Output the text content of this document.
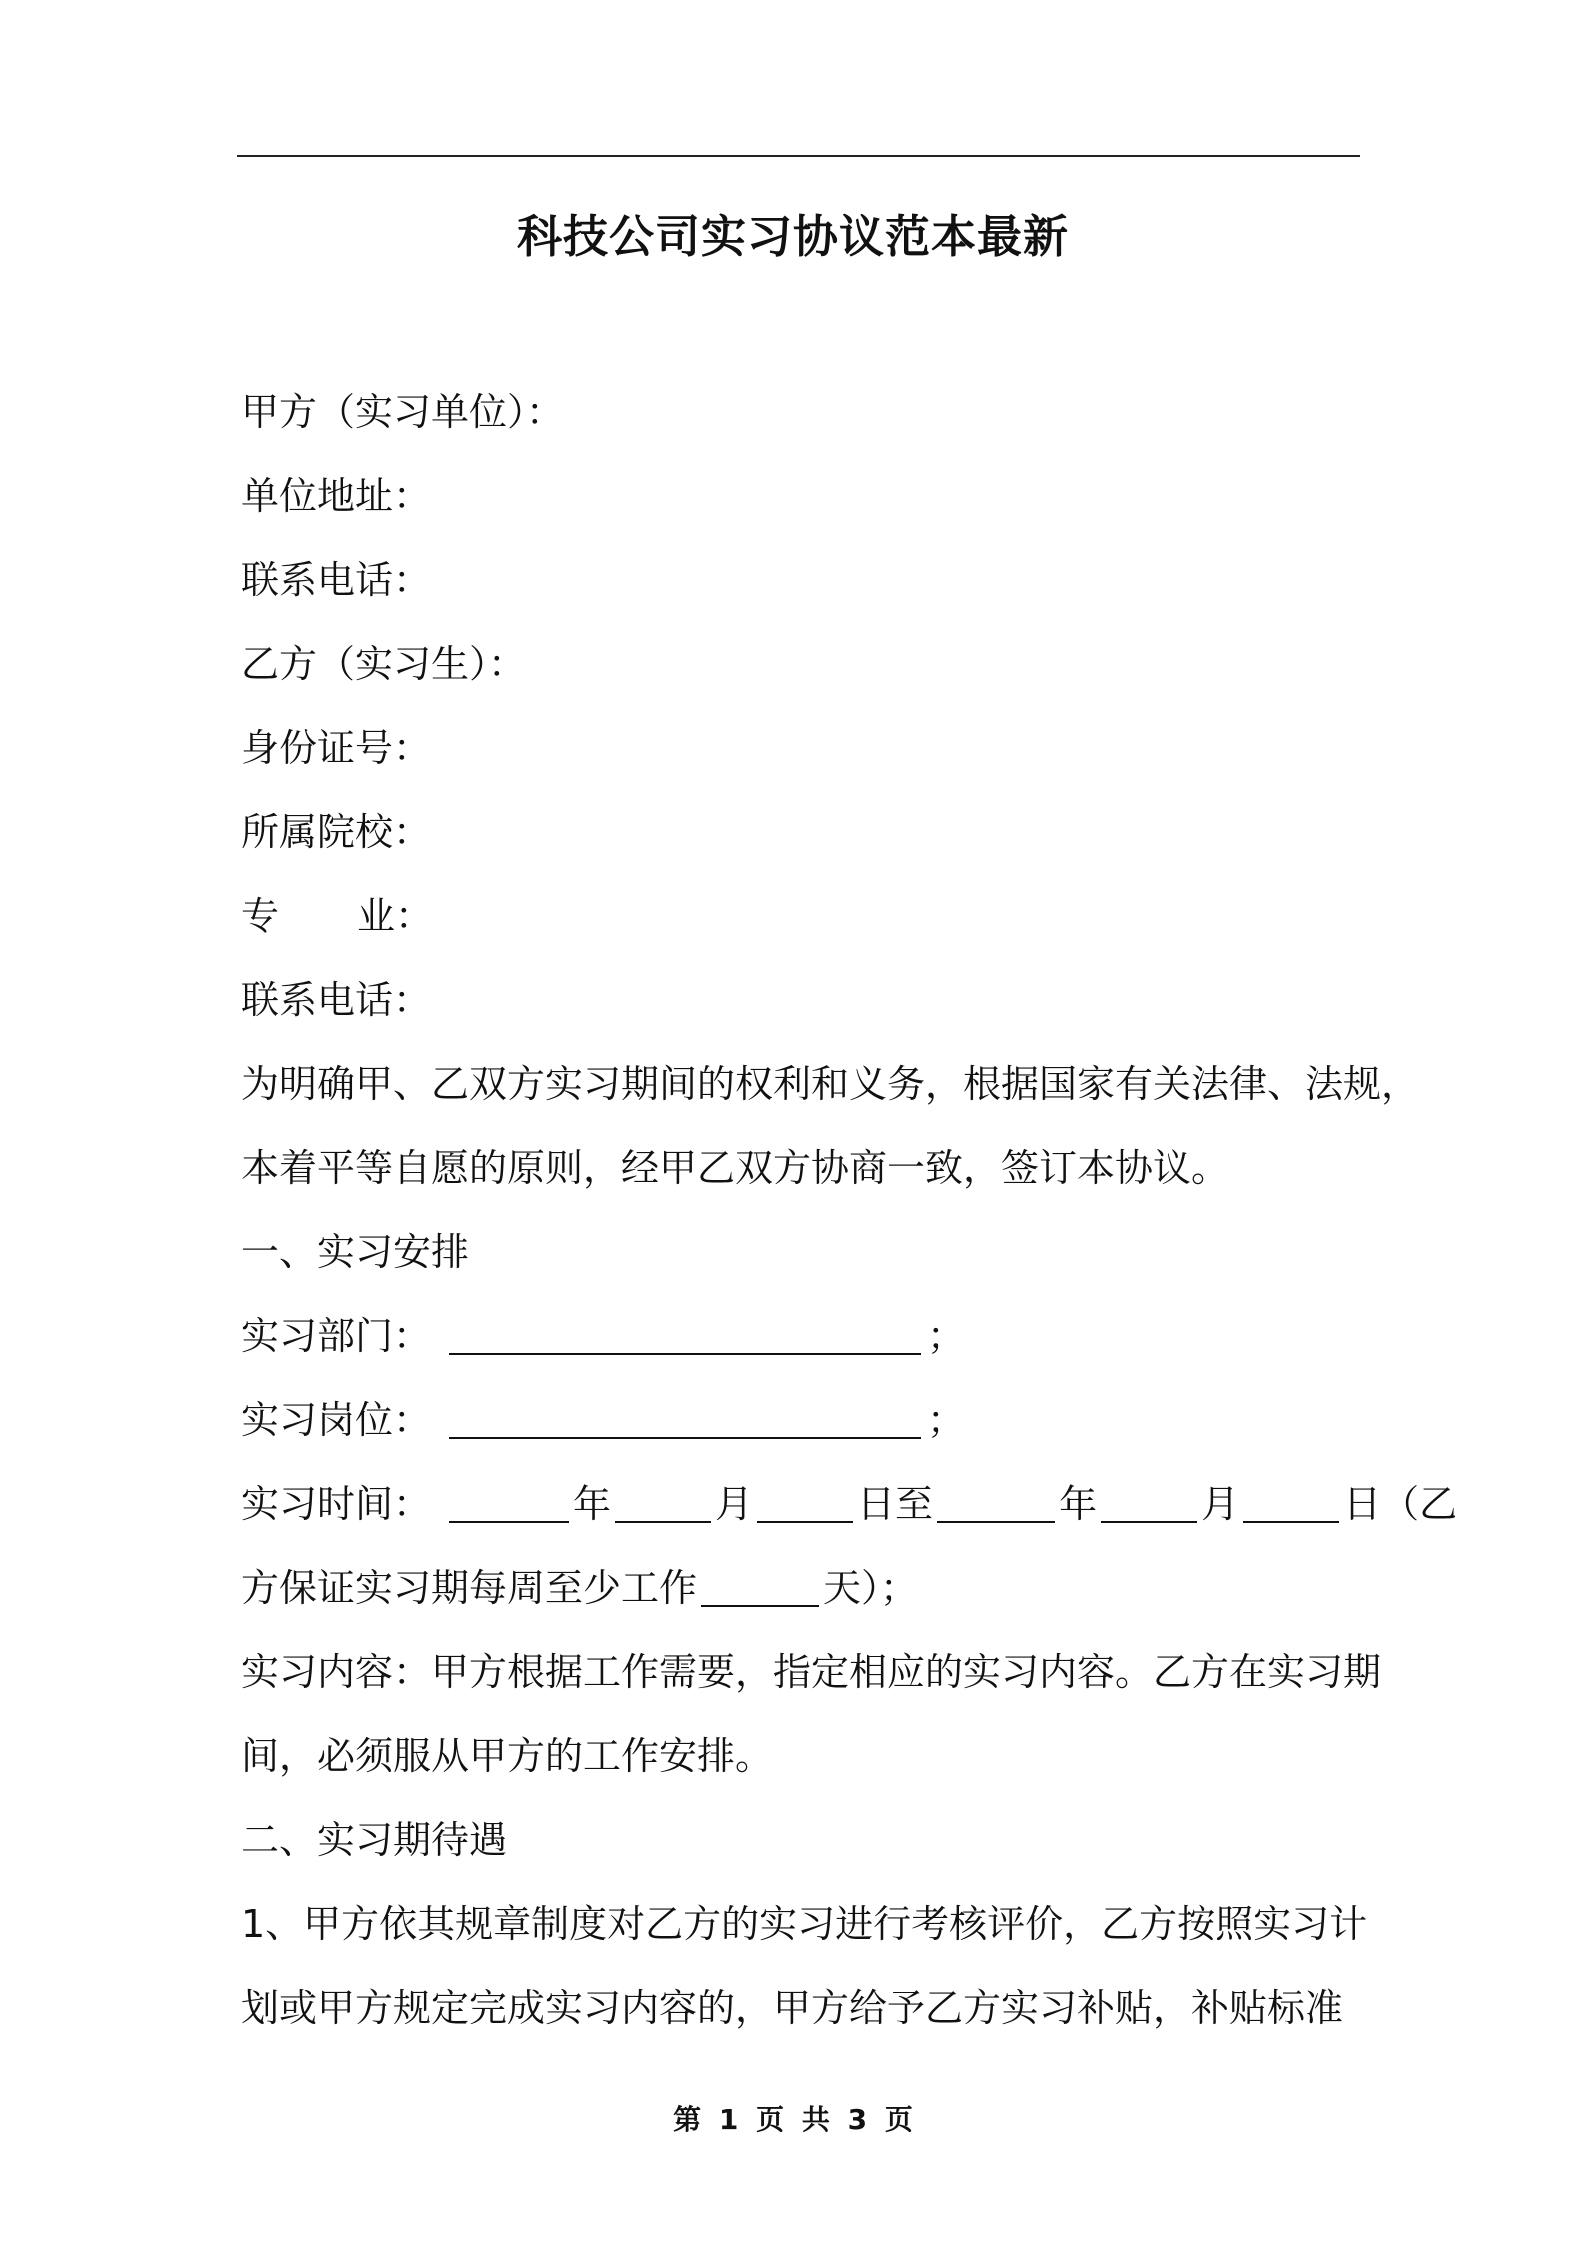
科技公司实习协议范本最新
甲方（实习单位）：
单位地址：
联系电话：
乙方（实习生）：
身份证号：
所属院校：
专 业：
联系电话：
为明确甲、乙双方实习期间的权利和义务，根据国家有关法律、法规，
本着平等自愿的原则，经甲乙双方协商一致，签订本协议。
一、实习安排
实习部门：	；
实习岗位：	；
实习时间：	年	月	日至	年	月	日（乙
方保证实习期每周至少工作	天）；
实习内容：甲方根据工作需要，指定相应的实习内容。乙方在实习期
间，必须服从甲方的工作安排。
二、实习期待遇
1、甲方依其规章制度对乙方的实习进行考核评价，乙方按照实习计
划或甲方规定完成实习内容的，甲方给予乙方实习补贴，补贴标准
第 1 页 共 3 页
